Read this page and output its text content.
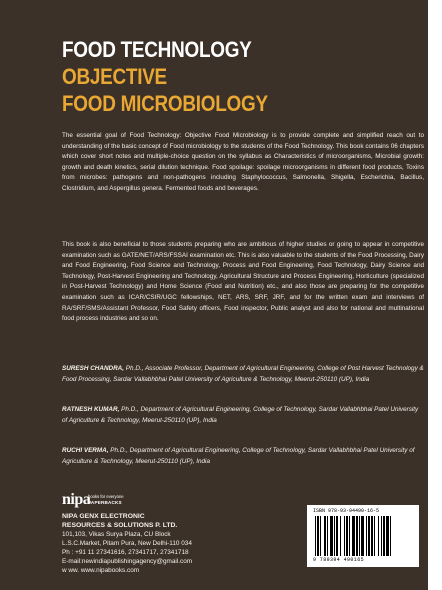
FOOD TECHNOLOGY
OBJECTIVE
FOOD MICROBIOLOGY

The essential goal of Food Technology: Objective Food Microbiology is to provide complete and simplified reach out to understanding of the basic concept of Food microbiology to the students of the Food Technology. This book contains 06 chapters which cover short notes and multiple-choice question on the syllabus as Characteristics of microorganisms, Microbial growth: growth and death kinetics, serial dilution technique. Food spoilage: spoilage microorganisms in different food products, Toxins from microbes: pathogens and non-pathogens including Staphylococcus, Salmonella, Shigella, Escherichia, Bacillus, Clostridium, and Aspergillus genera. Fermented foods and beverages.

This book is also beneficial to those students preparing who are ambitious of higher studies or going to appear in competitive examination such as GATE/NET/ARS/FSSAI examination etc. This is also valuable to the students of the Food Processing, Dairy and Food Engineering, Food Science and Technology, Process and Food Engineering, Food Technology, Dairy Science and Technology, Post-Harvest Engineering and Technology, Agricultural Structure and Process Engineering, Horticulture (specialized in Post-Harvest Technology) and Home Science (Food and Nutrition) etc., and also those are preparing for the competitive examination such as ICAR/CSIR/UGC fellowships, NET, ARS, SRF, JRF, and for the written exam and interviews of RA/SRF/SMS/Assistant Professor, Food Safety officers, Food inspector, Public analyst and also for national and multinational food process industries and so on.

SURESH CHANDRA, Ph.D., Associate Professor, Department of Agricultural Engineering, College of Post Harvest Technology & Food Processing, Sardar Vallabhbhai Patel University of Agriculture & Technology, Meerut-250110 (UP), India

RATNESH KUMAR, Ph.D., Department of Agricultural Engineering, College of Technology, Sardar Vallabhbhai Patel University of Agriculture & Technology, Meerut-250110 (UP), India

RUCHI VERMA, Ph.D., Department of Agricultural Engineering, College of Technology, Sardar Vallabhbhai Patel University of Agriculture & Technology, Meerut-250110 (UP), India

nipa
books for everyone
PAPERBACKS
NIPA GENX ELECTRONIC
RESOURCES & SOLUTIONS P. LTD.
101,103, Vikas Surya Plaza, CU Block
L.S.C.Market, Pitam Pura, New Delhi-110 034
Ph : +91 11 27341616, 27341717, 27341718
E-mail:newindiapublishingagency@gmail.com
w ww. www.nipabooks.com
ISBN 978-93-94490-16-5
9 789394 490165
